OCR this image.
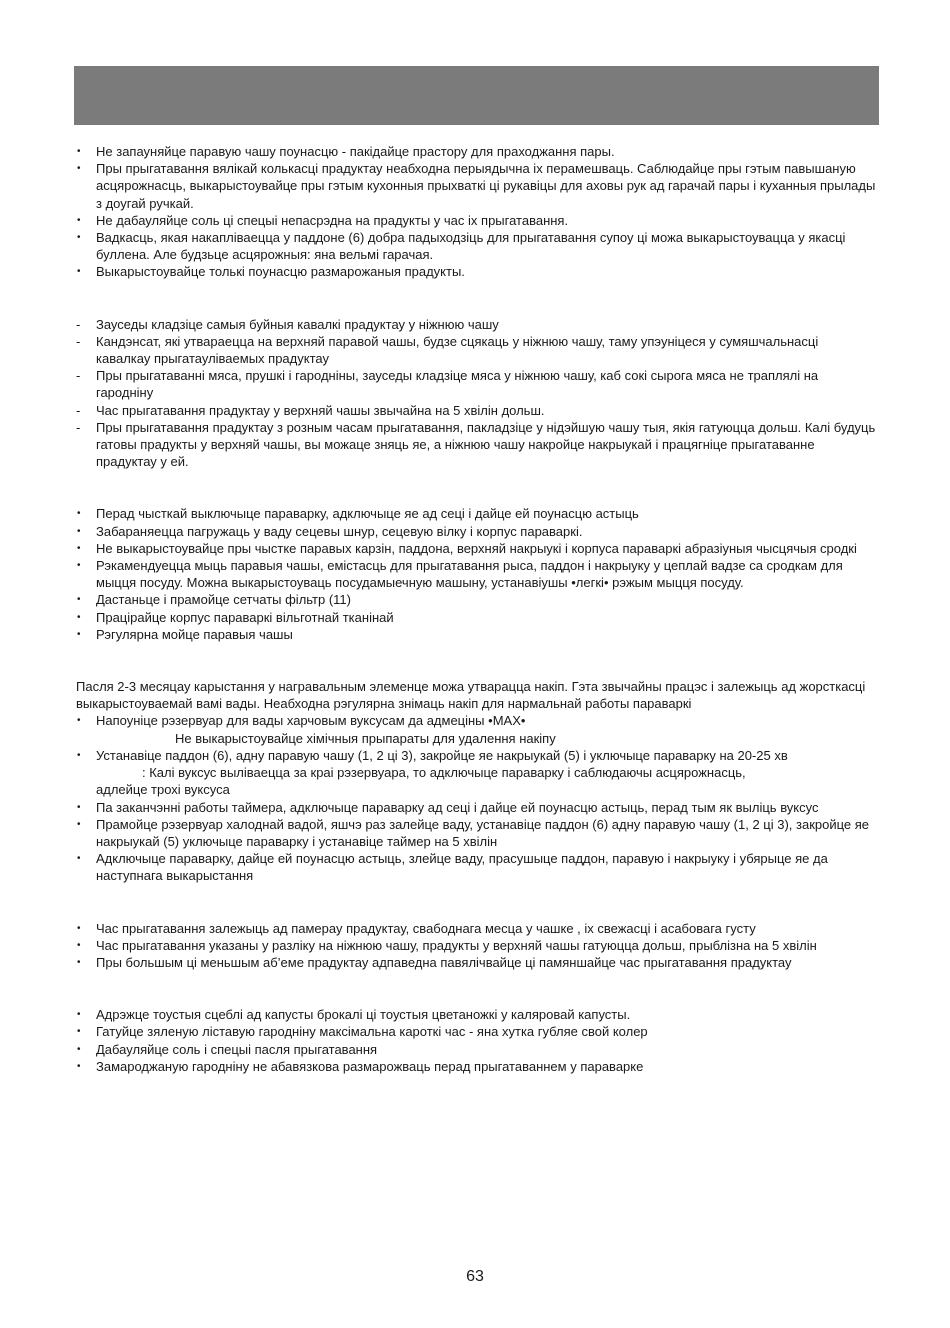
• Не запауняйце паравую чашу поунасцю - пакідайце прастору для праходжання пары.
• Пры прыгатавання вялікай колькасці прадуктау неабходна перыядычна іх перамешваць. Саблюдайце пры гэтым павышаную асцярожнасць, выкарыстоувайце пры гэтым кухонныя прыхваткі ці рукавіцы для аховы рук ад гарачай пары і куханныя прылады з доугай ручкай.
• Не дабауляйце соль ці спецыі непасрэдна на прадукты у час іх прыгатавання.
• Вадкасць, якая накапліваецца у паддоне (6) добра падыходзіць для прыгатавання супоу ці можа выкарыстоувацца у якасці буллена. Але будзьце асцярожныя: яна вельмі гарачая.
• Выкарыстоувайце толькі поунасцю размарожаныя прадукты.
- Зауседы кладзіце самыя буйныя кавалкі прадуктау у ніжнюю чашу
- Кандэнсат, які утвараецца на верхняй паравой чашы, будзе сцякаць у ніжнюю чашу, таму упэуніцеся у сумяшчальнасці кавалкау прыгатауліваемых прадуктау
- Пры прыгатаванні мяса, прушкі і гародніны, зауседы кладзіце мяса у ніжнюю чашу, каб сокі сырога мяса не траплялі на гародніну
- Час прыгатавання прадуктау у верхняй чашы звычайна на 5 хвілін дольш.
- Пры прыгатавання прадуктау з розным часам прыгатавання, пакладзіце у нідэйшую чашу тыя, якія гатуюцца дольш. Калі будуць гатовы прадукты у верхняй чашы, вы можаце зняць яе, а ніжнюю чашу накройце накрыукай і працягніце прыгатаванне прадуктау у ей.
• Перад чысткай выключыце параварку, адключыце яе ад сеці і дайце ей поунасцю астыць
• Забараняецца пагружаць у ваду сецевы шнур, сецевую вілку і корпус параваркі.
• Не выкарыстоувайце пры чыстке паравых карзін, паддона, верхняй накрыукі і корпуса параваркі абразіуныя чысцячыя сродкі
• Рэкамендуецца мыць паравыя чашы, емістасць для прыгатавання рыса, паддон і накрыуку у цеплай вадзе са сродкам для мыцця посуду. Можна выкарыстоуваць посудамыечную машыну, устанавіушы •легкі• рэжым мыцця посуду.
• Дастаньце і прамойце сетчаты фільтр (11)
• Працірайце корпус параваркі вільготнай тканінай
• Рэгулярна мойце паравыя чашы

Пасля 2-3 месяцау карыстання у награвальным элеменце можа утварацца накіп. Гэта звычайны працэс і залежыць ад жорсткасці выкарыстоуваемай вамі вады. Неабходна рэгулярна знімаць накіп для нармальнай работы параваркі

• Напоуніце рэзервуар для вады харчовым вуксусам да адмецiны •MAX•
Не выкарыстоувайце хімічныя прыпараты для удалення накіпу
• Устанавіце паддон (6), адну паравую чашу (1, 2 ці 3), закройце яе накрыукай (5) і уключыце параварку на 20-25 хв
: Калі вуксус выліваецца за краі рэзервуара, то адключыце параварку і саблюдаючы асцярожнасць,
адлейце трохі вуксуса
• Па заканчэнні работы таймера, адключыце параварку ад сеці і дайце ей поунасцю астыць, перад тым як выліць вуксус
• Прамойце рэзервуар халоднай вадой, яшчэ раз залейце ваду, устанавіце паддон (6) адну паравую чашу (1, 2 ці 3), закройце яе накрыукай (5) уключыце параварку і устанавіце таймер на 5 хвілін
• Адключыце параварку, дайце ей поунасцю астыць, злейце ваду, прасушыце паддон, паравую і накрыуку і убярыце яе да наступнага выкарыстання
• Час прыгатавання залежыць ад памерау прадуктау, свабоднага месца у чашке , іх свежасці і асабовага густу
• Час прыгатавання указаны у разліку на ніжнюю чашу, прадукты у верхняй чашы гатуюцца дольш, прыблізна на 5 хвілін
• Пры большым ці меньшым аб’еме прадуктау адпаведна павялічвайце ці памяншайце час прыгатавання прадуктау
• Адрэжце тоустыя сцеблі ад капусты брокалі ці тоустыя цветаножкі у каляровай капусты.
• Гатуйце зяленую ліставую гародніну максімальна кароткі час - яна хутка губляе свой колер
• Дабауляйце соль і спецыі пасля прыгатавання
• Замароджаную гародніну не абавязкова размарожваць перад прыгатаваннем у параварке
63
